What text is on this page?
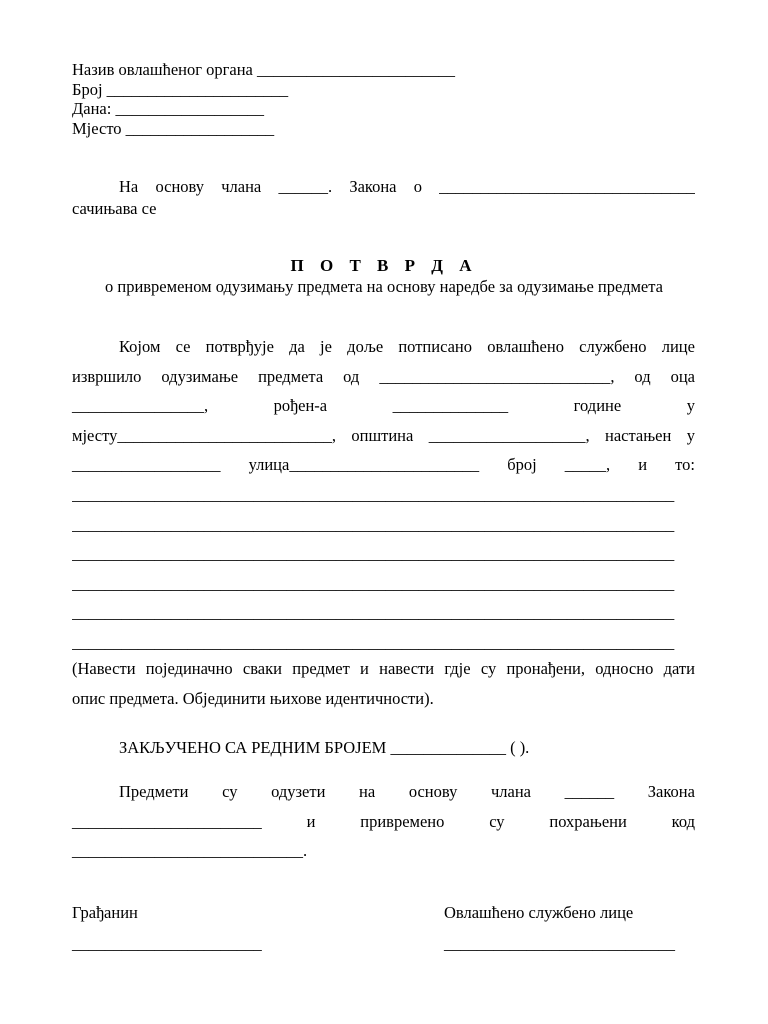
Назив овлашћеног органа ________________________
Број ______________________
Дана: __________________
Мјесто __________________
На основу члана ______. Закона о _______________________________
сачињава се
П О Т В Р Д А
о привременом одузимању предмета на основу наредбе за одузимање предмета
Којом се потврђује да је доље потписано овлашћено службено лице
извршило одузимање предмета од ____________________________, од оца
________________,	рођен-а	______________	године	у
мјесту__________________________, општина ___________________, настањен у
__________________ улица_______________________ број _____, и то:
_________________________________________________________________________
_________________________________________________________________________
_________________________________________________________________________
_________________________________________________________________________
_________________________________________________________________________
_________________________________________________________________________
(Навести појединачно сваки предмет и навести гдје су пронађени, односно дати
опис предмета. Објединити њихове идентичности).
ЗАКЉУЧЕНО СА РЕДНИМ БРОЈЕМ ______________ ( ).
Предмети су одузети на основу члана ______ Закона
_______________________	и	привремено	су	похрањени	код
____________________________.
Грађанин
_______________________
Овлашћено службено лице
____________________________
